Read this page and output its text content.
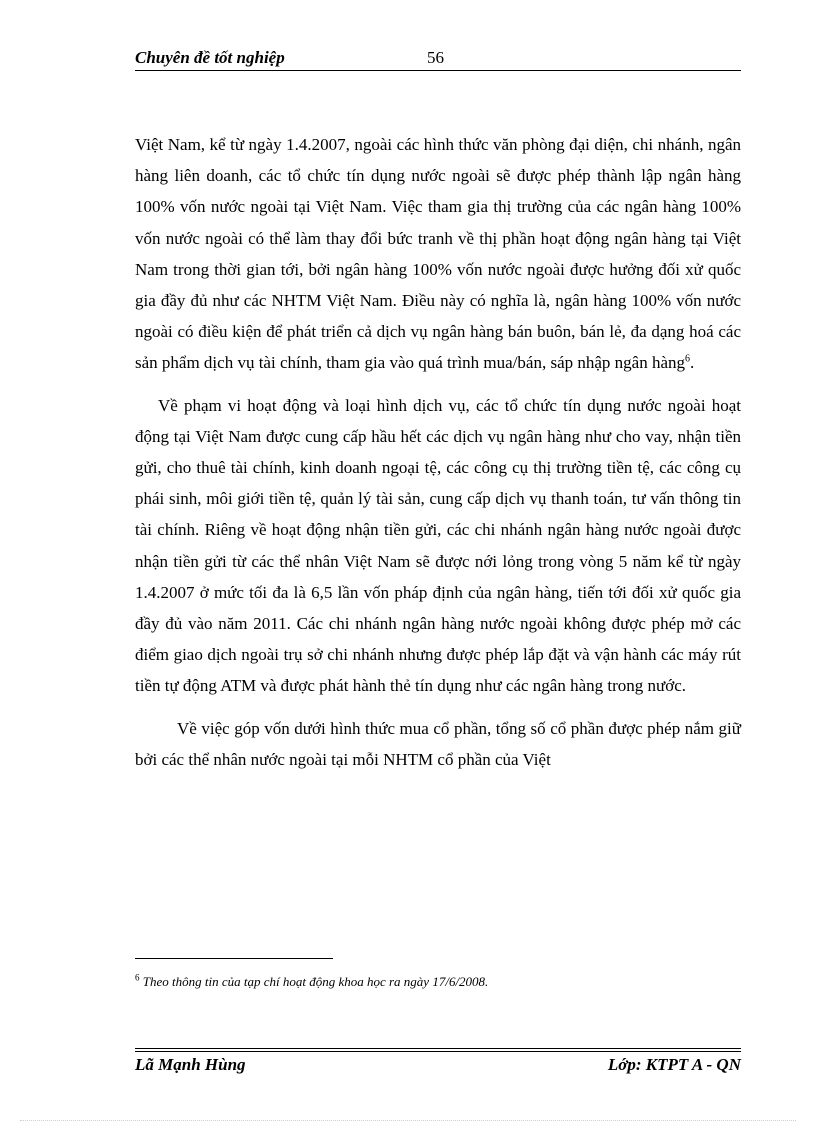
Chuyên đề tốt nghiệp	56

Việt Nam, kể từ ngày 1.4.2007, ngoài các hình thức văn phòng đại diện, chi nhánh, ngân hàng liên doanh, các tổ chức tín dụng nước ngoài sẽ được phép thành lập ngân hàng 100% vốn nước ngoài tại Việt Nam. Việc tham gia thị trường của các ngân hàng 100% vốn nước ngoài có thể làm thay đổi bức tranh về thị phần hoạt động ngân hàng tại Việt Nam trong thời gian tới, bởi ngân hàng 100% vốn nước ngoài được hưởng đối xử quốc gia đầy đủ như các NHTM Việt Nam. Điều này có nghĩa là, ngân hàng 100% vốn nước ngoài có điều kiện để phát triển cả dịch vụ ngân hàng bán buôn, bán lẻ, đa dạng hoá các sản phẩm dịch vụ tài chính, tham gia vào quá trình mua/bán, sáp nhập ngân hàng$^6$.

Về phạm vi hoạt động và loại hình dịch vụ, các tổ chức tín dụng nước ngoài hoạt động tại Việt Nam được cung cấp hầu hết các dịch vụ ngân hàng như cho vay, nhận tiền gửi, cho thuê tài chính, kinh doanh ngoại tệ, các công cụ thị trường tiền tệ, các công cụ phái sinh, môi giới tiền tệ, quản lý tài sản, cung cấp dịch vụ thanh toán, tư vấn thông tin tài chính. Riêng về hoạt động nhận tiền gửi, các chi nhánh ngân hàng nước ngoài được nhận tiền gửi từ các thể nhân Việt Nam sẽ được nới lỏng trong vòng 5 năm kể từ ngày 1.4.2007 ở mức tối đa là 6,5 lần vốn pháp định của ngân hàng, tiến tới đối xử quốc gia đầy đủ vào năm 2011. Các chi nhánh ngân hàng nước ngoài không được phép mở các điểm giao dịch ngoài trụ sở chi nhánh nhưng được phép lắp đặt và vận hành các máy rút tiền tự động ATM và được phát hành thẻ tín dụng như các ngân hàng trong nước.

Về việc góp vốn dưới hình thức mua cổ phần, tổng số cổ phần được phép nắm giữ bởi các thể nhân nước ngoài tại mỗi NHTM cổ phần của Việt

$^6$ Theo thông tin của tạp chí hoạt động khoa học ra ngày 17/6/2008.
Lã Mạnh Hùng	Lớp: KTPT A - QN
